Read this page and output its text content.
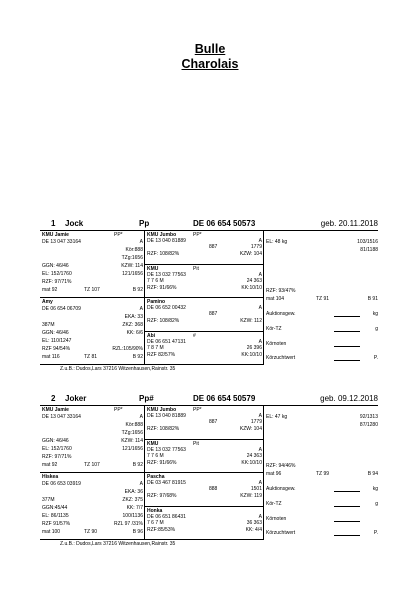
Bulle
Charolais
1 Jock	Pp	DE 06 654 50573	geb. 20.11.2018
KMU Jamie	PP*
DE 13 047 33164	A
Kör:888
TZg:1656
GGN: 46/46	KZW: 114
EL: 152/1760	121/1656
RZF: 97/71%
mat 92	TZ 107	B 92
Amy
DE 06 654 06709	A
EKA: 33
387M	ZKZ: 368
GGN: 46/46	KK: 6/6
EL: 110/1247
RZF 94/54%	RZL:105/90%
mat 116	TZ 81	B 92
KMU Jumbo	PP*
DE 13 040 81889	A
887	1779
RZF: 108/82%	KZW: 104
KMU	Pit
DE 13 032 77563	A
7 7 6 M	24 363
RZF: 91/66%	KK:10/10
Pamino
DE 06 652 00432	A
887
RZF: 108/82%	KZW: 112
Abi	#
DE 06 651 47131	A
7 8 7 M	26 396
RZF 82/57%	KK:10/10
EL: 48 kg	103/1516
81/1188
RZF: 93/47%
mat 104	TZ 91	B 91
Auktionsgew.	kg
Kör-TZ	g
Körnoten
Körzuchtwert	P.
Z.u.B.: Dudos,Lars 37216 Witzenhausen,Rainstr. 35
2 Joker	Pp#	DE 06 654 50579	geb. 09.12.2018
KMU Jamie	PP*
DE 13 047 33164	A
Kör:888
TZg:1656
GGN: 46/46	KZW: 114
EL: 152/1760	121/1656
RZF: 97/71%
mat 92	TZ 107	B 92
Hiskea
DE 06 653 03919	A
EKA: 36
377M	ZKZ: 375
GGN:45/44	KK: 7/7
EL: 86/1135	100/1136
RZF 91/57%	RZL 97 /31%
mat 100	TZ 90	B 96
KMU Jumbo	PP*
DE 13 040 81889	A
887	1779
RZF: 108/82%	KZW: 104
KMU	Pit
DE 13 032 77563	A
7 7 6 M	24 363
RZF: 91/66%	KK:10/10
Pascha
DE 03 467 81915	A
888	1501
RZF: 97/68%	KZW: 119
Honka
DE 06 651 86431	A
7 6 7 M	36 363
RZF:85/53%	KK: 4/4
EL: 47 kg	92/1313
87/1280
RZF: 94/46%
mat 96	TZ 99	B 94
Auktionsgew.	kg
Kör-TZ	g
Körnoten
Körzuchtwert	P.
Z.u.B.: Dudos,Lars 37216 Witzenhausen,Rainstr. 35
